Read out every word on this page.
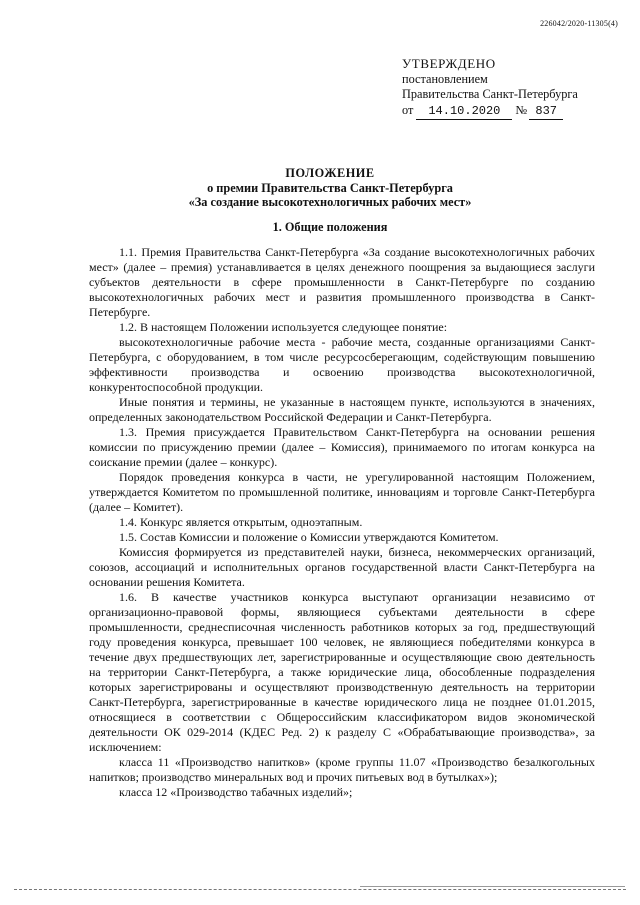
226042/2020-11305(4)
УТВЕРЖДЕНО
постановлением
Правительства Санкт-Петербурга
от 14.10.2020 № 837
ПОЛОЖЕНИЕ
о премии Правительства Санкт-Петербурга
«За создание высокотехнологичных рабочих мест»
1. Общие положения

1.1. Премия Правительства Санкт-Петербурга «За создание высокотехнологичных рабочих мест» (далее – премия) устанавливается в целях денежного поощрения за выдающиеся заслуги субъектов деятельности в сфере промышленности в Санкт-Петербурге по созданию высокотехнологичных рабочих мест и развития промышленного производства в Санкт-Петербурге.

1.2. В настоящем Положении используется следующее понятие:

высокотехнологичные рабочие места - рабочие места, созданные организациями Санкт-Петербурга, с оборудованием, в том числе ресурсосберегающим, содействующим повышению эффективности производства и освоению производства высокотехнологичной, конкурентоспособной продукции.

Иные понятия и термины, не указанные в настоящем пункте, используются в значениях, определенных законодательством Российской Федерации и Санкт-Петербурга.

1.3. Премия присуждается Правительством Санкт-Петербурга на основании решения комиссии по присуждению премии (далее – Комиссия), принимаемого по итогам конкурса на соискание премии (далее – конкурс).

Порядок проведения конкурса в части, не урегулированной настоящим Положением, утверждается Комитетом по промышленной политике, инновациям и торговле Санкт-Петербурга (далее – Комитет).

1.4. Конкурс является открытым, одноэтапным.

1.5. Состав Комиссии и положение о Комиссии утверждаются Комитетом.

Комиссия формируется из представителей науки, бизнеса, некоммерческих организаций, союзов, ассоциаций и исполнительных органов государственной власти Санкт-Петербурга на основании решения Комитета.

1.6. В качестве участников конкурса выступают организации независимо от организационно-правовой формы, являющиеся субъектами деятельности в сфере промышленности, среднесписочная численность работников которых за год, предшествующий году проведения конкурса, превышает 100 человек, не являющиеся победителями конкурса в течение двух предшествующих лет, зарегистрированные и осуществляющие свою деятельность на территории Санкт-Петербурга, а также юридические лица, обособленные подразделения которых зарегистрированы и осуществляют производственную деятельность на территории Санкт-Петербурга, зарегистрированные в качестве юридического лица не позднее 01.01.2015, относящиеся в соответствии с Общероссийским классификатором видов экономической деятельности ОК 029-2014 (КДЕС Ред. 2) к разделу С «Обрабатывающие производства», за исключением:

класса 11 «Производство напитков» (кроме группы 11.07 «Производство безалкогольных напитков; производство минеральных вод и прочих питьевых вод в бутылках»);

класса 12 «Производство табачных изделий»;
